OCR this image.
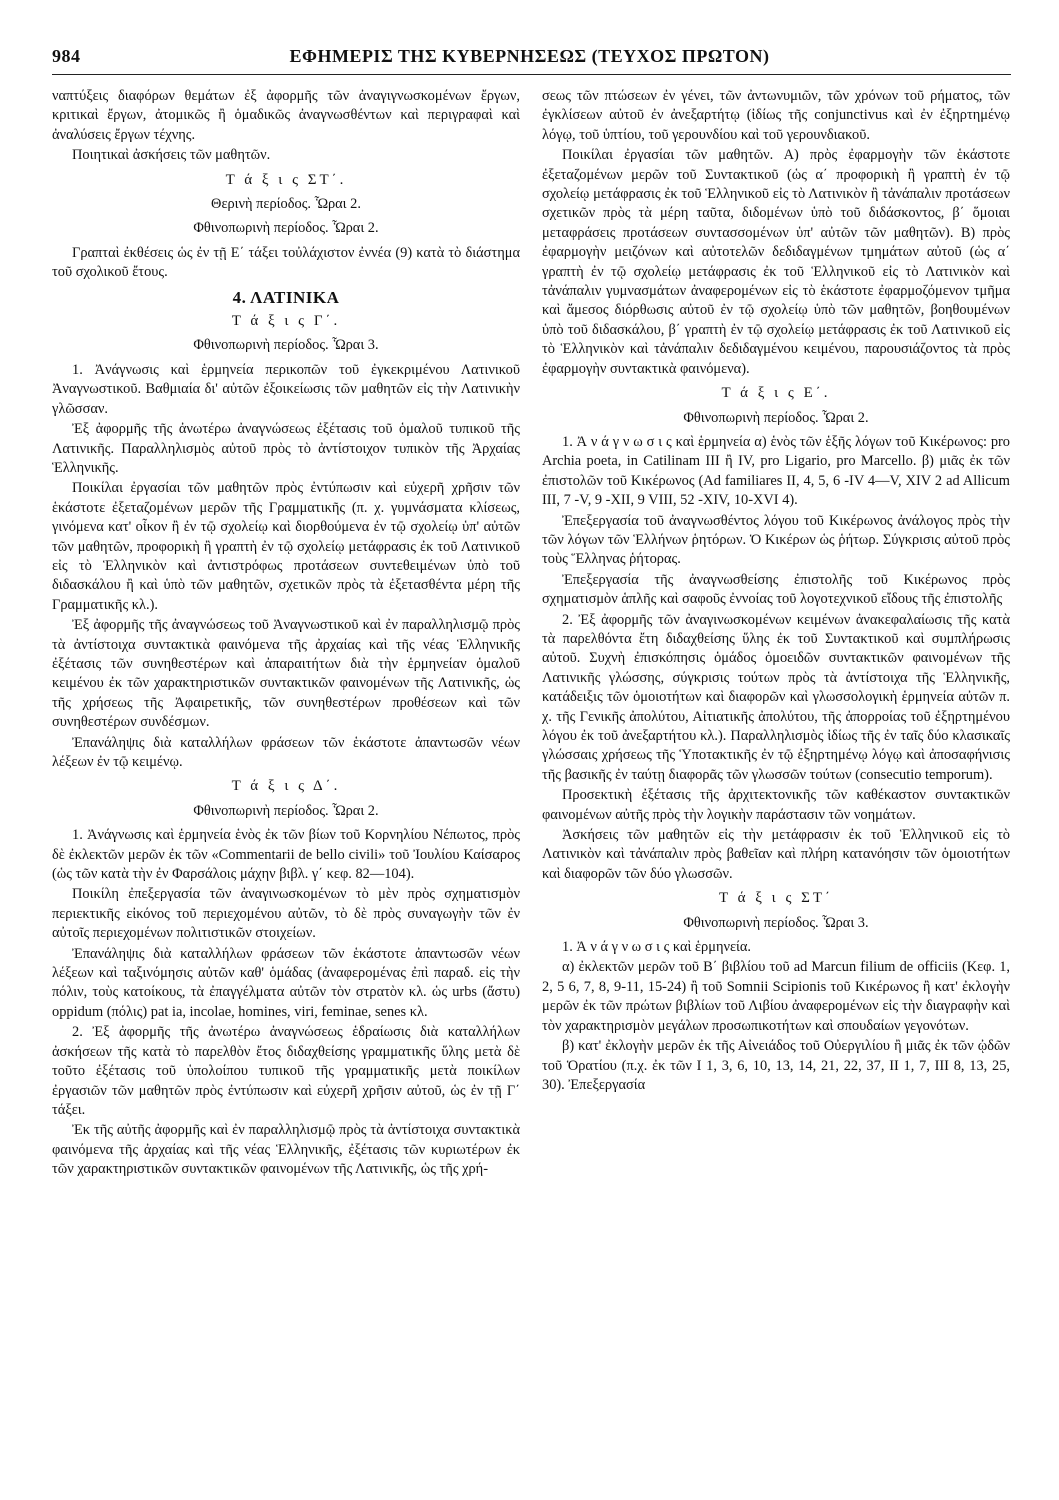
984	ΕΦΗΜΕΡΙΣ ΤΗΣ ΚΥΒΕΡΝΗΣΕΩΣ (ΤΕΥΧΟΣ ΠΡΩΤΟΝ)

ναπτύξεις διαφόρων θεμάτων ἐξ ἀφορμῆς τῶν ἀναγιγνωσκομένων ἔργων, κριτικαὶ ἔργων, ἀτομικῶς ἢ ὁμαδικῶς ἀναγνωσθέντων καὶ περιγραφαὶ καὶ ἀναλύσεις ἔργων τέχνης.

Ποιητικαὶ ἀσκήσεις τῶν μαθητῶν.

Τ ά ξ ι ς ΣΤ΄.

Θερινὴ περίοδος. Ὧραι 2.

Φθινοπωρινὴ περίοδος. Ὧραι 2.

Γραπταὶ ἐκθέσεις ὡς ἐν τῇ Ε΄ τάξει τοὐλάχιστον ἐννέα (9) κατὰ τὸ διάστημα τοῦ σχολικοῦ ἔτους.

4. ΛΑΤΙΝΙΚΑ

Τ ά ξ ι ς Γ΄.

Φθινοπωρινὴ περίοδος. Ὧραι 3.

1. Ἀνάγνωσις καὶ ἑρμηνεία περικοπῶν τοῦ ἐγκεκριμένου Λατινικοῦ Ἀναγνωστικοῦ. Βαθμιαία δι' αὐτῶν ἐξοικείωσις τῶν μαθητῶν εἰς τὴν Λατινικὴν γλῶσσαν.

Ἐξ ἀφορμῆς τῆς ἀνωτέρω ἀναγνώσεως ἐξέτασις τοῦ ὁμαλοῦ τυπικοῦ τῆς Λατινικῆς. Παραλληλισμὸς αὐτοῦ πρὸς τὸ ἀντίστοιχον τυπικὸν τῆς Ἀρχαίας Ἑλληνικῆς.

Ποικίλαι ἐργασίαι τῶν μαθητῶν πρὸς ἐντύπωσιν καὶ εὐχερῆ χρῆσιν τῶν ἑκάστοτε ἐξεταζομένων μερῶν τῆς Γραμματικῆς (π. χ. γυμνάσματα κλίσεως, γινόμενα κατ' οἶκον ἢ ἐν τῷ σχολείῳ καὶ διορθούμενα ἐν τῷ σχολείῳ ὑπ' αὐτῶν τῶν μαθητῶν, προφορικὴ ἢ γραπτὴ ἐν τῷ σχολείῳ μετάφρασις ἐκ τοῦ Λατινικοῦ εἰς τὸ Ἑλληνικὸν καὶ ἀντιστρόφως προτάσεων συντεθειμένων ὑπὸ τοῦ διδασκάλου ἢ καὶ ὑπὸ τῶν μαθητῶν, σχετικῶν πρὸς τὰ ἐξετασθέντα μέρη τῆς Γραμματικῆς κλ.).

Ἐξ ἀφορμῆς τῆς ἀναγνώσεως τοῦ Ἀναγνωστικοῦ καὶ ἐν παραλληλισμῷ πρὸς τὰ ἀντίστοιχα συντακτικὰ φαινόμενα τῆς ἀρχαίας καὶ τῆς νέας Ἑλληνικῆς ἐξέτασις τῶν συνηθεστέρων καὶ ἀπαραιτήτων διὰ τὴν ἑρμηνείαν ὁμαλοῦ κειμένου ἐκ τῶν χαρακτηριστικῶν συντακτικῶν φαινομένων τῆς Λατινικῆς, ὡς τῆς χρήσεως τῆς Ἀφαιρετικῆς, τῶν συνηθεστέρων προθέσεων καὶ τῶν συνηθεστέρων συνδέσμων.

Ἐπανάληψις διὰ καταλλήλων φράσεων τῶν ἑκάστοτε ἀπαντωσῶν νέων λέξεων ἐν τῷ κειμένῳ.

Τ ά ξ ι ς Δ΄.

Φθινοπωρινὴ περίοδος. Ὧραι 2.

1. Ἀνάγνωσις καὶ ἑρμηνεία ἑνὸς ἐκ τῶν βίων τοῦ Κορνηλίου Νέπωτος, πρὸς δὲ ἐκλεκτῶν μερῶν ἐκ τῶν «Commentarii de bello civili» τοῦ Ἰουλίου Καίσαρος (ὡς τῶν κατὰ τὴν ἐν Φαρσάλοις μάχην βιβλ. γ΄ κεφ. 82—104).

Ποικίλη ἐπεξεργασία τῶν ἀναγινωσκομένων τὸ μὲν πρὸς σχηματισμὸν περιεκτικῆς εἰκόνος τοῦ περιεχομένου αὐτῶν, τὸ δὲ πρὸς συναγωγὴν τῶν ἐν αὐτοῖς περιεχομένων πολιτιστικῶν στοιχείων.

Ἐπανάληψις διὰ καταλλήλων φράσεων τῶν ἑκάστοτε ἀπαντωσῶν νέων λέξεων καὶ ταξινόμησις αὐτῶν καθ' ὁμάδας (ἀναφερομένας ἐπὶ παραδ. εἰς τὴν πόλιν, τοὺς κατοίκους, τὰ ἐπαγγέλματα αὐτῶν τὸν στρατὸν κλ. ὡς urbs (ἄστυ) oppidum (πόλις) pat ia, incolae, homines, viri, feminae, senes κλ.

2. Ἐξ ἀφορμῆς τῆς ἀνωτέρω ἀναγνώσεως ἑδραίωσις διὰ καταλλήλων ἀσκήσεων τῆς κατὰ τὸ παρελθὸν ἔτος διδαχθείσης γραμματικῆς ὕλης μετὰ δὲ τοῦτο ἐξέτασις τοῦ ὑπολοίπου τυπικοῦ τῆς γραμματικῆς μετὰ ποικίλων ἐργασιῶν τῶν μαθητῶν πρὸς ἐντύπωσιν καὶ εὐχερῆ χρῆσιν αὐτοῦ, ὡς ἐν τῇ Γ΄ τάξει.

Ἐκ τῆς αὐτῆς ἀφορμῆς καὶ ἐν παραλληλισμῷ πρὸς τὰ ἀντίστοιχα συντακτικὰ φαινόμενα τῆς ἀρχαίας καὶ τῆς νέας Ἑλληνικῆς, ἐξέτασις τῶν κυριωτέρων ἐκ τῶν χαρακτηριστικῶν συντακτικῶν φαινομένων τῆς Λατινικῆς, ὡς τῆς χρή-

σεως τῶν πτώσεων ἐν γένει, τῶν ἀντωνυμιῶν, τῶν χρόνων τοῦ ρήματος, τῶν ἐγκλίσεων αὐτοῦ ἐν ἀνεξαρτήτῳ (ἰδίως τῆς conjunctivus καὶ ἐν ἐξηρτημένῳ λόγῳ, τοῦ ὑπτίου, τοῦ γερουνδίου καὶ τοῦ γερουνδιακοῦ.

Ποικίλαι ἐργασίαι τῶν μαθητῶν. Α) πρὸς ἐφαρμογὴν τῶν ἑκάστοτε ἐξεταζομένων μερῶν τοῦ Συντακτικοῦ (ὡς α΄ προφορικὴ ἢ γραπτὴ ἐν τῷ σχολείῳ μετάφρασις ἐκ τοῦ Ἑλληνικοῦ εἰς τὸ Λατινικὸν ἢ τἀνάπαλιν προτάσεων σχετικῶν πρὸς τὰ μέρη ταῦτα, διδομένων ὑπὸ τοῦ διδάσκοντος, β΄ ὅμοιαι μεταφράσεις προτάσεων συντασσομένων ὑπ' αὐτῶν τῶν μαθητῶν). Β) πρὸς ἐφαρμογὴν μειζόνων καὶ αὐτοτελῶν δεδιδαγμένων τμημάτων αὐτοῦ (ὡς α΄ γραπτὴ ἐν τῷ σχολείῳ μετάφρασις ἐκ τοῦ Ἑλληνικοῦ εἰς τὸ Λατινικὸν καὶ τἀνάπαλιν γυμνασμάτων ἀναφερομένων εἰς τὸ ἑκάστοτε ἐφαρμοζόμενον τμῆμα καὶ ἄμεσος διόρθωσις αὐτοῦ ἐν τῷ σχολείῳ ὑπὸ τῶν μαθητῶν, βοηθουμένων ὑπὸ τοῦ διδασκάλου, β΄ γραπτὴ ἐν τῷ σχολείῳ μετάφρασις ἐκ τοῦ Λατινικοῦ εἰς τὸ Ἑλληνικὸν καὶ τἀνάπαλιν δεδιδαγμένου κειμένου, παρουσιάζοντος τὰ πρὸς ἐφαρμογὴν συντακτικὰ φαινόμενα).

Τ ά ξ ι ς Ε΄.

Φθινοπωρινὴ περίοδος. Ὧραι 2.

1. Ἀ ν ά γ ν ω σ ι ς καὶ ἑρμηνεία α) ἑνὸς τῶν ἑξῆς λόγων τοῦ Κικέρωνος: pro Archia poeta, in Catilinam III ἢ IV, pro Ligario, pro Marcello. β) μιᾶς ἐκ τῶν ἐπιστολῶν τοῦ Κικέρωνος (Ad familiares II, 4, 5, 6 -IV 4—V, XIV 2 ad Allicum III, 7 -V, 9 -XII, 9 VIII, 52 -XIV, 10-XVI 4).

Ἐπεξεργασία τοῦ ἀναγνωσθέντος λόγου τοῦ Κικέρωνος ἀνάλογος πρὸς τὴν τῶν λόγων τῶν Ἑλλήνων ῥητόρων. Ὁ Κικέρων ὡς ῥήτωρ. Σύγκρισις αὐτοῦ πρὸς τοὺς Ἕλληνας ῥήτορας.

Ἐπεξεργασία τῆς ἀναγνωσθείσης ἐπιστολῆς τοῦ Κικέρωνος πρὸς σχηματισμὸν ἁπλῆς καὶ σαφοῦς ἐννοίας τοῦ λογοτεχνικοῦ εἴδους τῆς ἐπιστολῆς

2. Ἐξ ἀφορμῆς τῶν ἀναγινωσκομένων κειμένων ἀνακεφαλαίωσις τῆς κατὰ τὰ παρελθόντα ἔτη διδαχθείσης ὕλης ἐκ τοῦ Συντακτικοῦ καὶ συμπλήρωσις αὐτοῦ. Συχνὴ ἐπισκόπησις ὁμάδος ὁμοειδῶν συντακτικῶν φαινομένων τῆς Λατινικῆς γλώσσης, σύγκρισις τούτων πρὸς τὰ ἀντίστοιχα τῆς Ἑλληνικῆς, κατάδειξις τῶν ὁμοιοτήτων καὶ διαφορῶν καὶ γλωσσολογικὴ ἑρμηνεία αὐτῶν π. χ. τῆς Γενικῆς ἀπολύτου, Αἰτιατικῆς ἀπολύτου, τῆς ἀπορροίας τοῦ ἐξηρτημένου λόγου ἐκ τοῦ ἀνεξαρτήτου κλ.). Παραλληλισμὸς ἰδίως τῆς ἐν ταῖς δύο κλασικαῖς γλώσσαις χρήσεως τῆς Ὑποτακτικῆς ἐν τῷ ἐξηρτημένῳ λόγῳ καὶ ἀποσαφήνισις τῆς βασικῆς ἐν ταύτῃ διαφορᾶς τῶν γλωσσῶν τούτων (consecutio temporum).

Προσεκτικὴ ἐξέτασις τῆς ἀρχιτεκτονικῆς τῶν καθέκαστον συντακτικῶν φαινομένων αὐτῆς πρὸς τὴν λογικὴν παράστασιν τῶν νοημάτων.

Ἀσκήσεις τῶν μαθητῶν εἰς τὴν μετάφρασιν ἐκ τοῦ Ἑλληνικοῦ εἰς τὸ Λατινικὸν καὶ τἀνάπαλιν πρὸς βαθεῖαν καὶ πλήρη κατανόησιν τῶν ὁμοιοτήτων καὶ διαφορῶν τῶν δύο γλωσσῶν.

Τ ά ξ ι ς ΣΤ΄

Φθινοπωρινὴ περίοδος. Ὧραι 3.

1. Ἀ ν ά γ ν ω σ ι ς καὶ ἑρμηνεία.

α) ἐκλεκτῶν μερῶν τοῦ Β΄ βιβλίου τοῦ ad Marcun filium de officiis (Κεφ. 1, 2, 5 6, 7, 8, 9-11, 15-24) ἢ τοῦ Somnii Scipionis τοῦ Κικέρωνος ἢ κατ' ἐκλογὴν μερῶν ἐκ τῶν πρώτων βιβλίων τοῦ Λιβίου ἀναφερομένων εἰς τὴν διαγραφὴν καὶ τὸν χαρακτηρισμὸν μεγάλων προσωπικοτήτων καὶ σπουδαίων γεγονότων.

β) κατ' ἐκλογὴν μερῶν ἐκ τῆς Αἰνειάδος τοῦ Οὐεργιλίου ἢ μιᾶς ἐκ τῶν ᾠδῶν τοῦ Ὁρατίου (π.χ. ἐκ τῶν I 1, 3, 6, 10, 13, 14, 21, 22, 37, II 1, 7, III 8, 13, 25, 30). Ἐπεξεργασία
